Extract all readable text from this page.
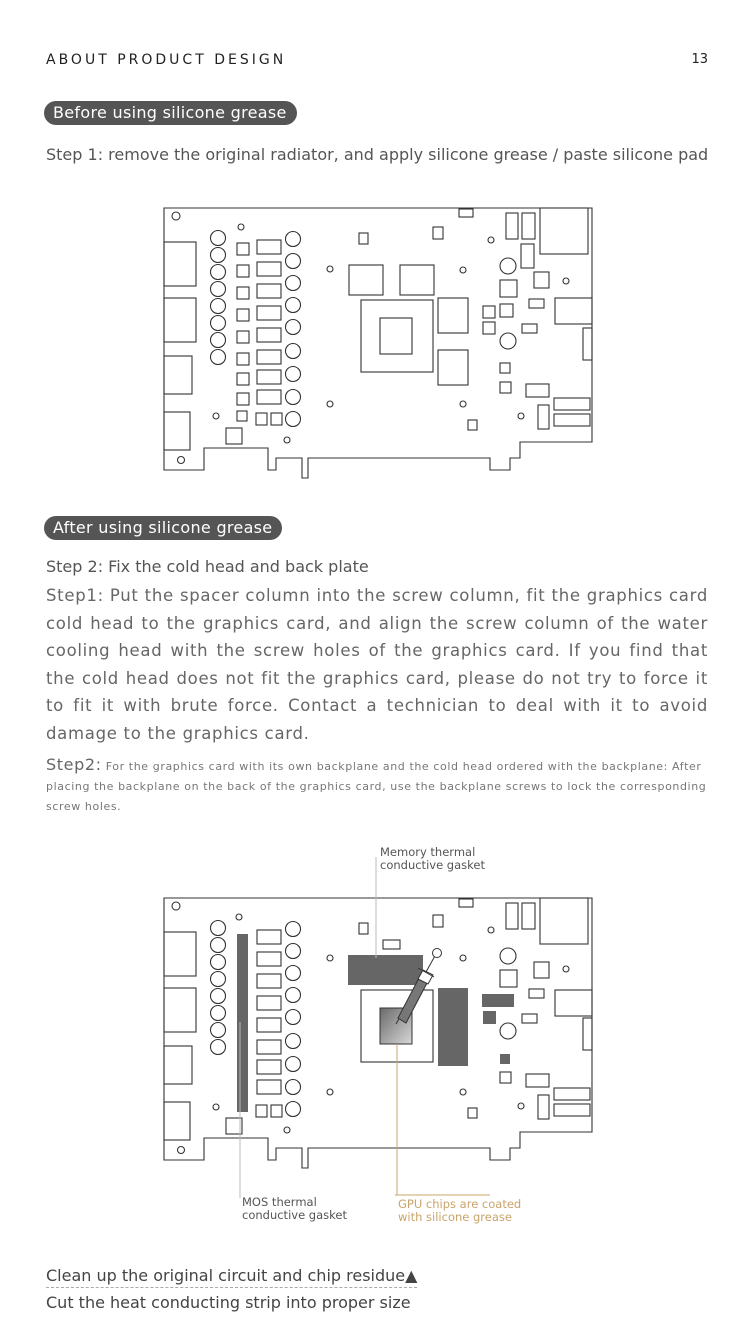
ABOUT PRODUCT DESIGN	13
Before using silicone grease
Step 1: remove the original radiator, and apply silicone grease / paste silicone pad
After using silicone grease
Step 2: Fix the cold head and back plate
Step1: Put the spacer column into the screw column, fit the graphics card cold head to the graphics card, and align the screw column of the water cooling head with the screw holes of the graphics card. If you find that the cold head does not fit the graphics card, please do not try to force it to fit it with brute force. Contact a technician to deal with it to avoid damage to the graphics card.
Step2: For the graphics card with its own backplane and the cold head ordered with the backplane: After placing the backplane on the back of the graphics card, use the backplane screws to lock the corresponding screw holes.
Memory thermal
conductive gasket
MOS thermal
conductive gasket
GPU chips are coated
with silicone grease
Clean up the original circuit and chip residue▲
Cut the heat conducting strip into proper size
